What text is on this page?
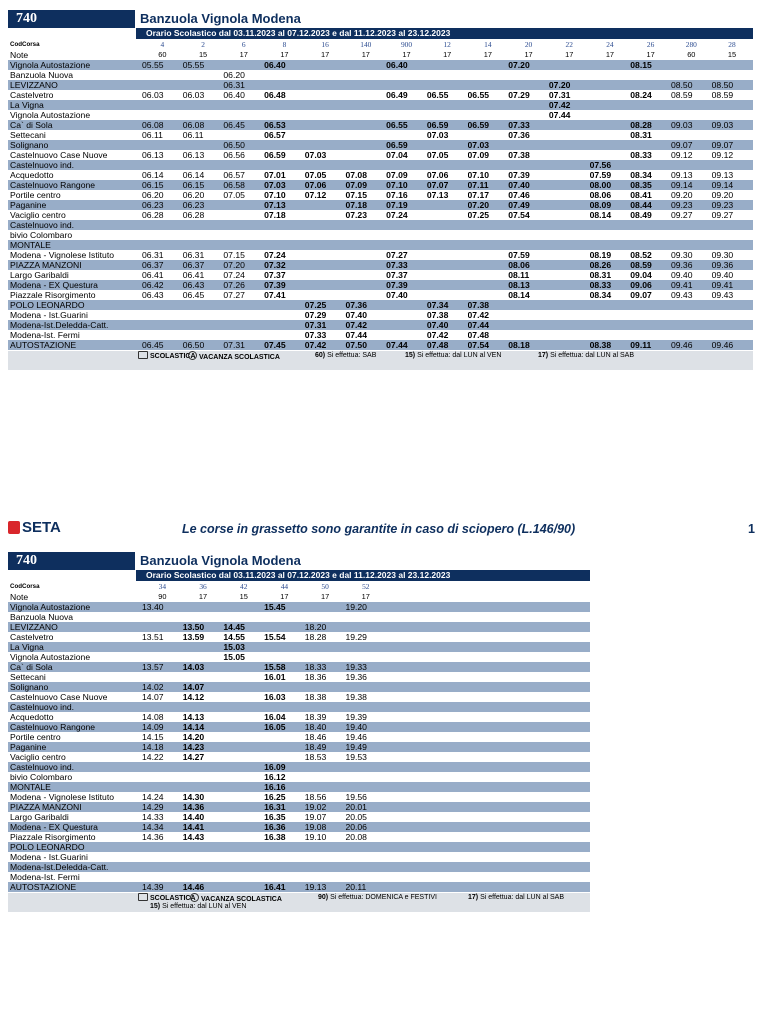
740	Banzuola Vignola Modena
Orario Scolastico dal 03.11.2023 al 07.12.2023 e dal 11.12.2023 al 23.12.2023
CodCorsa	4	2	6	8	16	140	900	12	14	20	22	24	26	280	28	
Note	60	15	17	17	17	17	17	17	17	17	17	17	17	60	15	
Vignola Autostazione	05.55	05.55		06.40			06.40			07.20			08.15			
Banzuola Nuova			06.20													
LEVIZZANO			06.31								07.20			08.50	08.50	
Castelvetro	06.03	06.03	06.40	06.48			06.49	06.55	06.55	07.29	07.31		08.24	08.59	08.59	
La Vigna											07.42					
Vignola Autostazione											07.44					
Ca` di Sola	06.08	06.08	06.45	06.53			06.55	06.59	06.59	07.33			08.28	09.03	09.03	
Settecani	06.11	06.11		06.57				07.03		07.36			08.31			
Solignano			06.50				06.59		07.03					09.07	09.07	
Castelnuovo Case Nuove	06.13	06.13	06.56	06.59	07.03		07.04	07.05	07.09	07.38			08.33	09.12	09.12	
Castelnuovo ind.												07.56				
Acquedotto	06.14	06.14	06.57	07.01	07.05	07.08	07.09	07.06	07.10	07.39		07.59	08.34	09.13	09.13	
Castelnuovo Rangone	06.15	06.15	06.58	07.03	07.06	07.09	07.10	07.07	07.11	07.40		08.00	08.35	09.14	09.14	
Portile centro	06.20	06.20	07.05	07.10	07.12	07.15	07.16	07.13	07.17	07.46		08.06	08.41	09.20	09.20	
Paganine	06.23	06.23		07.13		07.18	07.19		07.20	07.49		08.09	08.44	09.23	09.23	
Vaciglio centro	06.28	06.28		07.18		07.23	07.24		07.25	07.54		08.14	08.49	09.27	09.27	
Castelnuovo ind.																
bivio Colombaro																
MONTALE																
Modena - Vignolese Istituto	06.31	06.31	07.15	07.24			07.27			07.59		08.19	08.52	09.30	09.30	
PIAZZA MANZONI	06.37	06.37	07.20	07.32			07.33			08.06		08.26	08.59	09.36	09.36	
Largo Garibaldi	06.41	06.41	07.24	07.37			07.37			08.11		08.31	09.04	09.40	09.40	
Modena - EX Questura	06.42	06.43	07.26	07.39			07.39			08.13		08.33	09.06	09.41	09.41	
Piazzale Risorgimento	06.43	06.45	07.27	07.41			07.40			08.14		08.34	09.07	09.43	09.43	
POLO LEONARDO					07.25	07.36		07.34	07.38							
Modena - Ist.Guarini					07.29	07.40		07.38	07.42							
Modena-Ist.Deledda-Catt.					07.31	07.42		07.40	07.44							
Modena-Ist. Fermi					07.33	07.44		07.42	07.48							
AUTOSTAZIONE	06.45	06.50	07.31	07.45	07.42	07.50	07.44	07.48	07.54	08.18		08.38	09.11	09.46	09.46	
SCOLASTICA VACANZA SCOLASTICA	60) Si effettua: SAB	15) Si effettua: dal LUN al VEN	17) Si effettua: dal LUN al SAB
SETA	Le corse in grassetto sono garantite in caso di sciopero (L.146/90)	1
740	Banzuola Vignola Modena
Orario Scolastico dal 03.11.2023 al 07.12.2023 e dal 11.12.2023 al 23.12.2023
CodCorsa	34	36	42	44	50	52	
Note	90	17	15	17	17	17	
Vignola Autostazione	13.40			15.45		19.20	
Banzuola Nuova							
LEVIZZANO		13.50	14.45		18.20		
Castelvetro	13.51	13.59	14.55	15.54	18.28	19.29	
La Vigna			15.03				
Vignola Autostazione			15.05				
Ca` di Sola	13.57	14.03		15.58	18.33	19.33	
Settecani				16.01	18.36	19.36	
Solignano	14.02	14.07					
Castelnuovo Case Nuove	14.07	14.12		16.03	18.38	19.38	
Castelnuovo ind.							
Acquedotto	14.08	14.13		16.04	18.39	19.39	
Castelnuovo Rangone	14.09	14.14		16.05	18.40	19.40	
Portile centro	14.15	14.20			18.46	19.46	
Paganine	14.18	14.23			18.49	19.49	
Vaciglio centro	14.22	14.27			18.53	19.53	
Castelnuovo ind.				16.09			
bivio Colombaro				16.12			
MONTALE				16.16			
Modena - Vignolese Istituto	14.24	14.30		16.25	18.56	19.56	
PIAZZA MANZONI	14.29	14.36		16.31	19.02	20.01	
Largo Garibaldi	14.33	14.40		16.35	19.07	20.05	
Modena - EX Questura	14.34	14.41		16.36	19.08	20.06	
Piazzale Risorgimento	14.36	14.43		16.38	19.10	20.08	
POLO LEONARDO							
Modena - Ist.Guarini							
Modena-Ist.Deledda-Catt.							
Modena-Ist. Fermi							
AUTOSTAZIONE	14.39	14.46		16.41	19.13	20.11	
SCOLASTICA VACANZA SCOLASTICA	90) Si effettua: DOMENICA e FESTIVI	17) Si effettua: dal LUN al SAB
15) Si effettua: dal LUN al VEN
